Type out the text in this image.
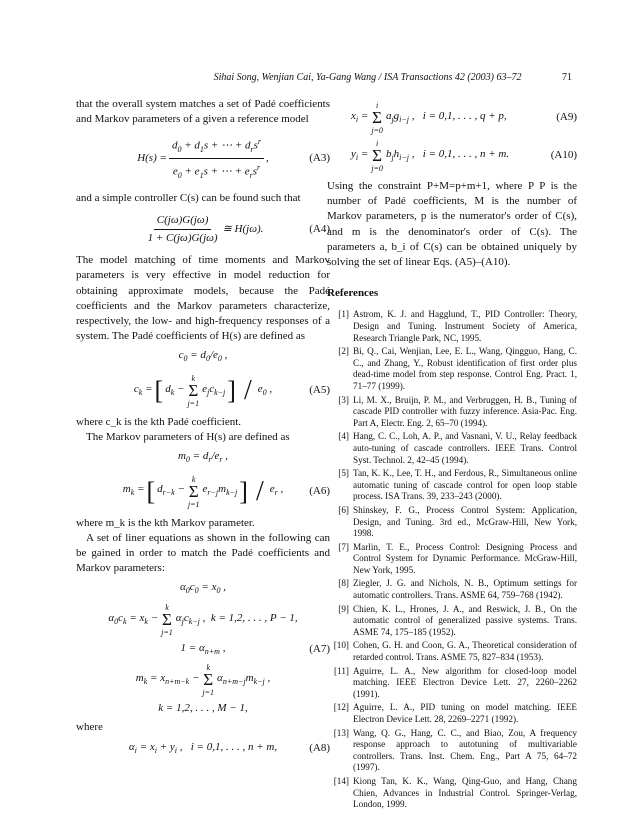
Sihai Song, Wenjian Cai, Ya-Gang Wang / ISA Transactions 42 (2003) 63–72	71

that the overall system matches a set of Padé coefficients and Markov parameters of a given a reference model

$H(s) = \frac{d_0 + d_1s + \cdots + d_rs^r}{e_0 + e_1s + \cdots + e_rs^r}$ ,	(A3)

and a simple controller C(s) can be found such that

$\frac{C(j\omega)G(j\omega)}{1 + C(j\omega)G(j\omega)}$ ≅ H(jω).	(A4)

The model matching of time moments and Markov parameters is very effective in model reduction for obtaining approximate models, because the Padé coefficients and the Markov parameters characterize, respectively, the low- and high-frequency responses of a system. The Padé coefficients of H(s) are defined as

$c_0 = d_0/e_0$ ,
$c_k$ = [ $d_k$ −
k
Σ
j=1
$e_jc_{k-j}$ ] / $e_0$ ,	(A5)

where c_k is the kth Padé coefficient.

The Markov parameters of H(s) are defined as

$m_0 = d_r/e_r$ ,
$m_k$ = [ $d_{r-k}$ −
k
Σ
j=1
$e_{r-j}m_{k-j}$ ] / $e_r$ , (A6)

where m_k is the kth Markov parameter.

A set of liner equations as shown in the following can be gained in order to match the Padé coefficients and Markov parameters:

$\alpha_0c_0 = x_0$ ,
$\alpha_0c_k = x_k$ −
k
Σ
j=1
$\alpha_jc_{k-j}$ ,  k = 1,2, . . . , P − 1,
$1 = \alpha_{n+m}$ ,	(A7)
$m_k = x_{n+m-k}$ −
k
Σ
j=1
$\alpha_{n+m-j}m_{k-j}$ ,
k = 1,2, . . . , M − 1,

where

$\alpha_i = x_i + y_i$ ,   i = 0,1, . . . , n + m,	(A8)
$x_i$ =
i
Σ
j=0
$a_jg_{i-j}$ ,   i = 0,1, . . . , q + p,	(A9)
$y_i$ =
i
Σ
j=0
$b_jh_{i-j}$ ,   i = 0,1, . . . , n + m.	(A10)

Using the constraint P+M=p+m+1, where P P is the number of Padé coefficients, M is the number of Markov parameters, p is the numerator's order of C(s), and m is the denominator's order of C(s). The parameters a, b_i of C(s) can be obtained uniquely by solving the set of linear Eqs. (A5)–(A10).

References
[1] Astrom, K. J. and Hagglund, T., PID Controller: Theory, Design and Tuning. Instrument Society of America, Research Triangle Park, NC, 1995.
[2] Bi, Q., Cai, Wenjian, Lee, E. L., Wang, Qingguo, Hang, C. C., and Zhang, Y., Robust identification of first order plus dead-time model from step response. Control Eng. Pract. 1, 71–77 (1999).
[3] Li, M. X., Bruijn, P. M., and Verbruggen, H. B., Tuning of cascade PID controller with fuzzy inference. Asia-Pac. Eng. Part A, Electr. Eng. 2, 65–70 (1994).
[4] Hang, C. C., Loh, A. P., and Vasnani, V. U., Relay feedback auto-tuning of cascade controllers. IEEE Trans. Control Syst. Technol. 2, 42–45 (1994).
[5] Tan, K. K., Lee, T. H., and Ferdous, R., Simultaneous online automatic tuning of cascade control for open loop stable process. ISA Trans. 39, 233–243 (2000).
[6] Shinskey, F. G., Process Control System: Application, Design, and Tuning. 3rd ed., McGraw-Hill, New York, 1998.
[7] Marlin, T. E., Process Control: Designing Process and Control System for Dynamic Performance. McGraw-Hill, New York, 1995.
[8] Ziegler, J. G. and Nichols, N. B., Optimum settings for automatic controllers. Trans. ASME 64, 759–768 (1942).
[9] Chien, K. L., Hrones, J. A., and Reswick, J. B., On the automatic control of generalized passive systems. Trans. ASME 74, 175–185 (1952).
[10] Cohen, G. H. and Coon, G. A., Theoretical consideration of retarded control. Trans. ASME 75, 827–834 (1953).
[11] Aguirre, L. A., New algorithm for closed-loop model matching. IEEE Electron Device Lett. 27, 2260–2262 (1991).
[12] Aguirre, L. A., PID tuning on model matching. IEEE Electron Device Lett. 28, 2269–2271 (1992).
[13] Wang, Q. G., Hang, C. C., and Biao, Zou, A frequency response approach to autotuning of multivariable controllers. Trans. Inst. Chem. Eng., Part A 75, 64–72 (1997).
[14] Kiong Tan, K. K., Wang, Qing-Guo, and Hang, Chang Chien, Advances in Industrial Control. Springer-Verlag, London, 1999.
